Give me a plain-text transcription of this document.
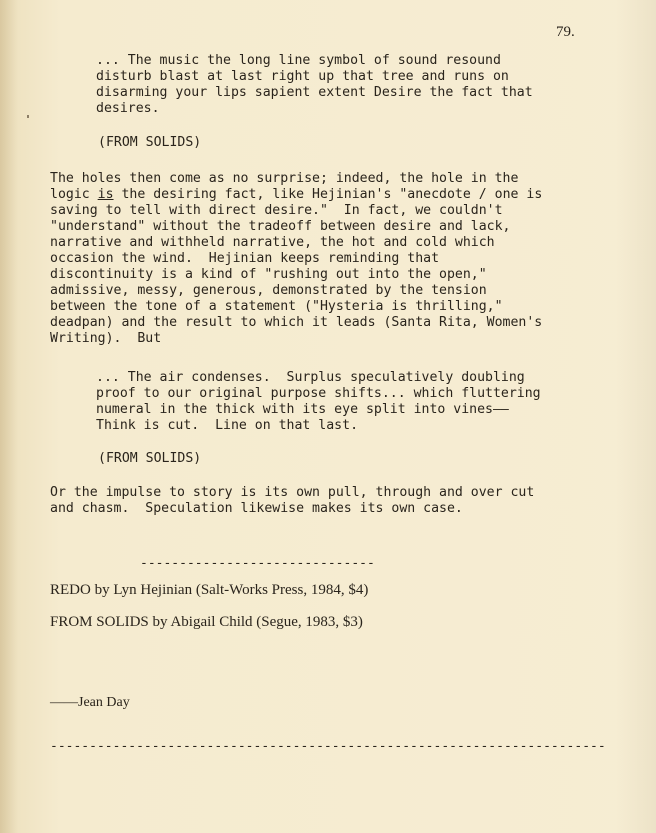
79.
... The music the long line symbol of sound resound
disturb blast at last right up that tree and runs on
disarming your lips sapient extent Desire the fact that
desires.
(FROM SOLIDS)
The holes then come as no surprise; indeed, the hole in the
logic is the desiring fact, like Hejinian's "anecdote / one is
saving to tell with direct desire."  In fact, we couldn't
"understand" without the tradeoff between desire and lack,
narrative and withheld narrative, the hot and cold which
occasion the wind.  Hejinian keeps reminding that
discontinuity is a kind of "rushing out into the open,"
admissive, messy, generous, demonstrated by the tension
between the tone of a statement ("Hysteria is thrilling,"
deadpan) and the result to which it leads (Santa Rita, Women's
Writing).  But
... The air condenses.  Surplus speculatively doubling
proof to our original purpose shifts... which fluttering
numeral in the thick with its eye split into vines——
Think is cut.  Line on that last.
(FROM SOLIDS)
Or the impulse to story is its own pull, through and over cut
and chasm.  Speculation likewise makes its own case.
------------------------------
REDO by Lyn Hejinian (Salt-Works Press, 1984, $4)
FROM SOLIDS by Abigail Child (Segue, 1983, $3)
——Jean Day
-----------------------------------------------------------------------
